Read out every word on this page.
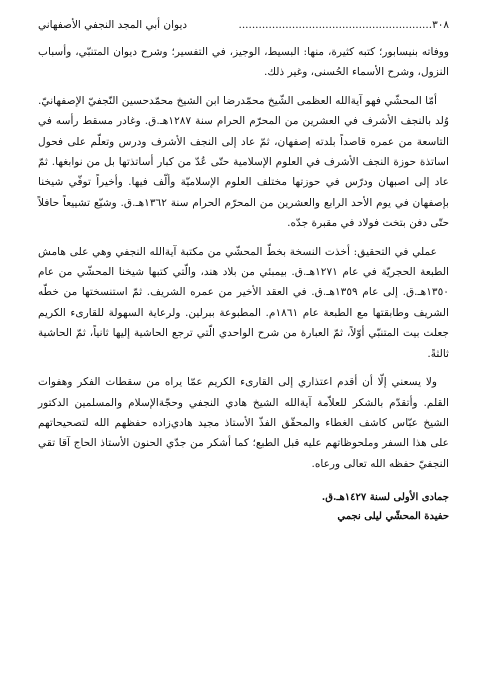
٣٠٨..........................................................
ديوان أبي المجد النجفي الأصفهاني

ووفاته بنيسابور؛ كتبه كثيرة، منها: البسيط، الوجيز، في التفسير؛ وشرح ديوان المتنبّي، وأسباب النزول، وشرح الأسماء الحُسنى، وغير ذلك.

أمّا المحشّي فهو آيةالله العظمى الشّيخ محمّدرضا ابن الشيخ محمّدحسين النّجفيّ الإصفهانيّ. وُلد بالنجف الأشرف في العشرين من المحرّم الحرام سنة ١٢٨٧هـ.ق. وغادر مسقط رأسه في التاسعة من عمره قاصداً بلدته إصفهان، ثمّ عاد إلى النجف الأشرف ودرس وتعلّم على فحول اساتذة حوزة النجف الأشرف في العلوم الإسلامية حتّى عُدّ من كبار أساتذتها بل من نوابغها. ثمّ عاد إلى اصبهان ودرّس في حوزتها مختلف العلوم الإسلاميّة وألّف فيها. وأخيراً توفّي شيخنا بإصفهان في يوم الأحد الرابع والعشرين من المحرّم الحرام سنة ١٣٦٢هـ.ق. وشيّع تشييعاً حافلاً حتّى دفن بتخت فولاد في مقبرة جدّه.

عملي في التحقيق: أخذت النسخة بخطّ المحشّي من مكتبة آيةالله النجفي وهي على هامش الطبعة الحجريّة في عام ١٢٧١هـ.ق. بيمبئي من بلاد هند، والّتي كتبها شيخنا المحشّي من عام ١٣٥٠هـ.ق. إلى عام ١٣٥٩هـ.ق. في العقد الأخير من عمره الشريف. ثمّ استنسختها من خطّه الشريف وطابقتها مع الطبعة عام ١٨٦١م. المطبوعة ببرلين. ولرعاية السهولة للقارىء الكريم جعلت بيت المتنبّي أوّلاً، ثمّ العبارة من شرح الواحدي الّتي ترجع الحاشية إليها ثانياً، ثمّ الحاشية ثالثةً.

ولا يسعني إلّا أن أقدم اعتذاري إلى القارىء الكريم عمّا يراه من سقطات الفكر وهفوات القلم. وأتقدّم بالشكر للعلاّمة آيةالله الشيخ هادي النجفي وحجّةالإسلام والمسلمين الدكتور الشيخ عبّاس كاشف الغطاء والمحقّق الفذّ الأستاذ مجيد هادي‌زاده حفظهم الله لتصحيحاتهم على هذا السفر وملحوظاتهم عليه قبل الطبع؛ كما أشكر من جدّي الحنون الأستاذ الحاج آقا تقي النجفيّ حفظه الله تعالى ورعاه.

جمادى الأولى لسنة ١٤٢٧هـ.ق.
حفيدة المحشّي ليلى نجمي
